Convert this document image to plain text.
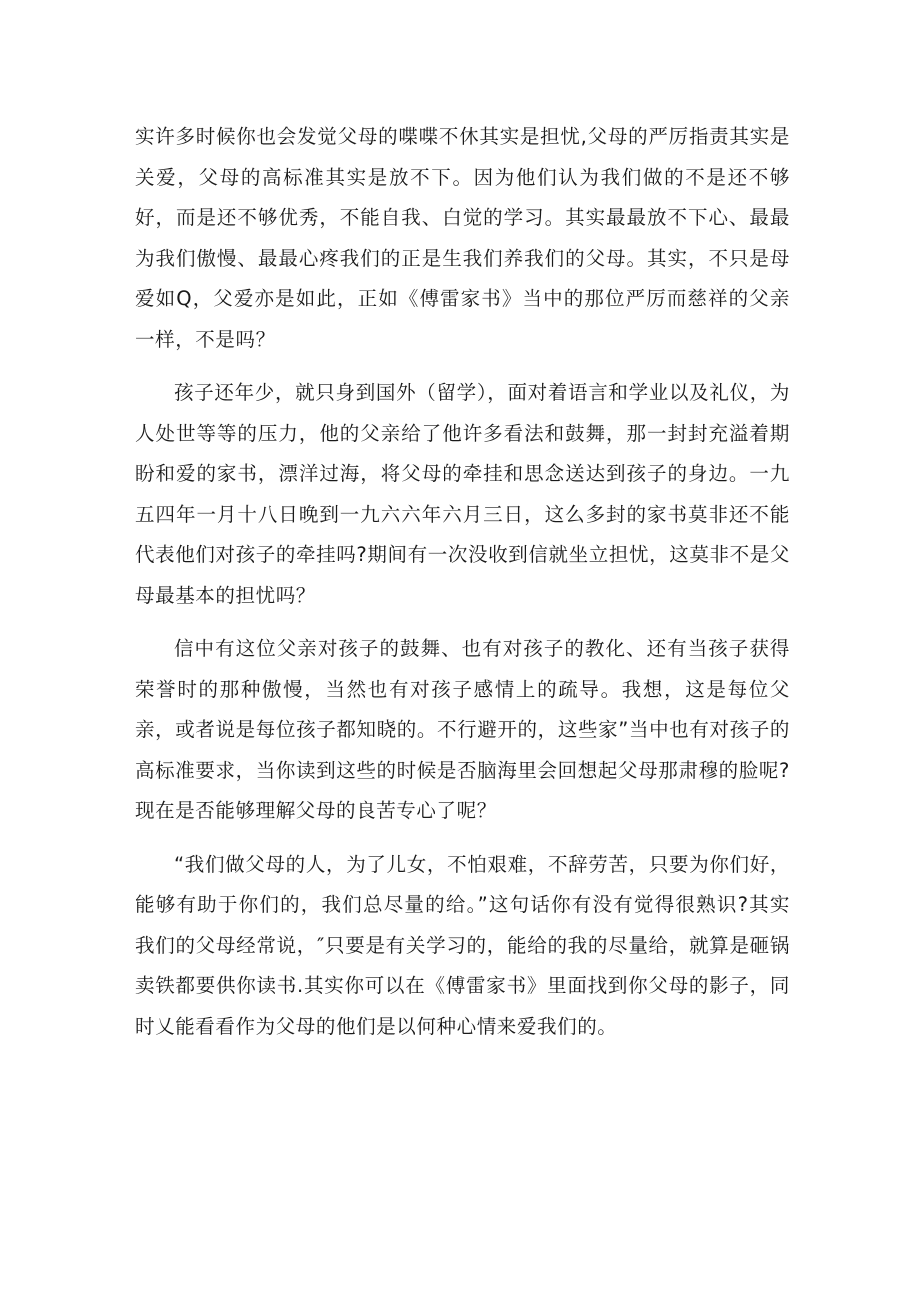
实许多时候你也会发觉父母的喋喋不休其实是担忧,父母的严厉指责其实是关爱，父母的高标准其实是放不下。因为他们认为我们做的不是还不够好，而是还不够优秀，不能自我、白觉的学习。其实最最放不下心、最最为我们傲慢、最最心疼我们的正是生我们养我们的父母。其实，不只是母爱如Q，父爱亦是如此，正如《傅雷家书》当中的那位严厉而慈祥的父亲一样，不是吗？

孩子还年少，就只身到国外（留学），面对着语言和学业以及礼仪，为人处世等等的压力，他的父亲给了他许多看法和鼓舞，那一封封充溢着期盼和爱的家书，漂洋过海，将父母的牵挂和思念送达到孩子的身边。一九五四年一月十八日晚到一九六六年六月三日，这么多封的家书莫非还不能代表他们对孩子的牵挂吗?期间有一次没收到信就坐立担忧，这莫非不是父母最基本的担忧吗？

信中有这位父亲对孩子的鼓舞、也有对孩子的教化、还有当孩子获得荣誉时的那种傲慢，当然也有对孩子感情上的疏导。我想，这是每位父亲，或者说是每位孩子都知晓的。不行避开的，这些家”当中也有对孩子的高标准要求，当你读到这些的时候是否脑海里会回想起父母那肃穆的脸呢?现在是否能够理解父母的良苦专心了呢？

“我们做父母的人，为了儿女，不怕艰难，不辞劳苦，只要为你们好，能够有助于你们的，我们总尽量的给。”这句话你有没有觉得很熟识?其实我们的父母经常说，″只要是有关学习的，能给的我的尽量给，就算是砸锅卖铁都要供你读书.其实你可以在《傅雷家书》里面找到你父母的影子，同时乂能看看作为父母的他们是以何种心情来爱我们的。
